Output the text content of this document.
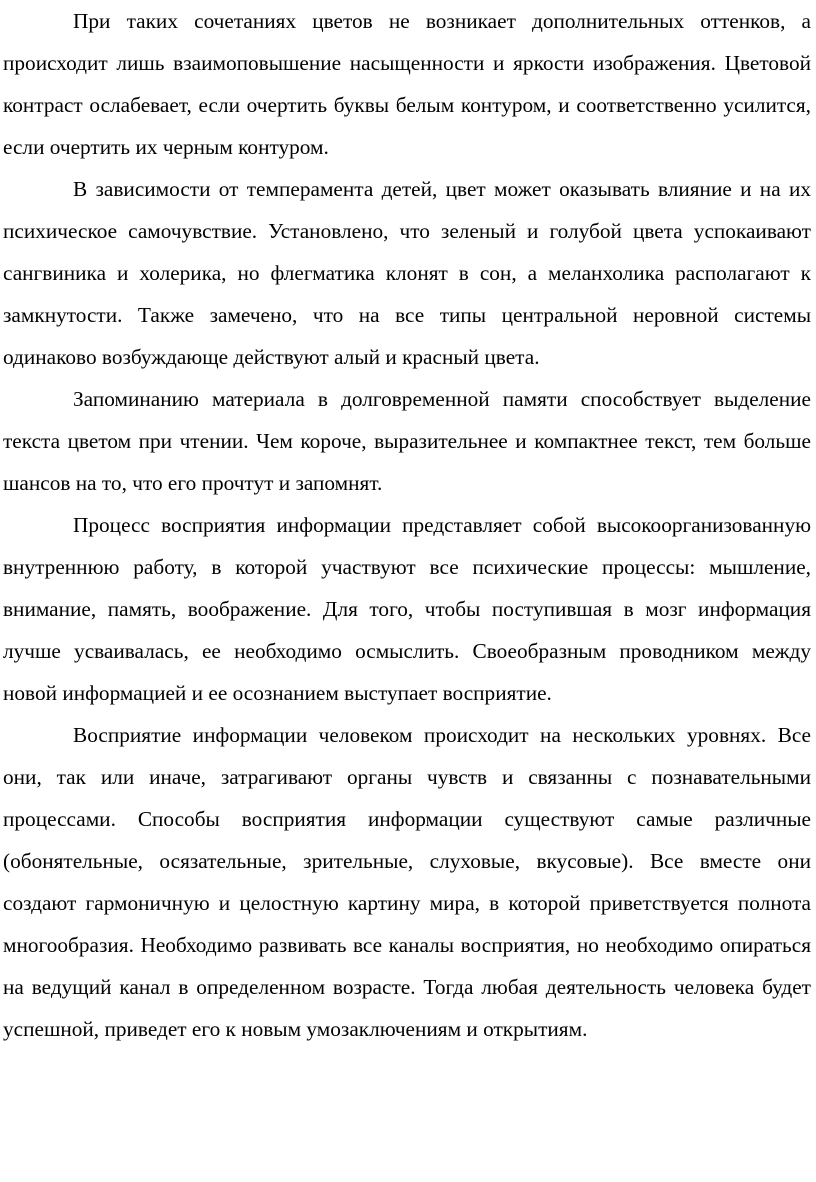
При таких сочетаниях цветов не возникает дополнительных оттенков, а происходит лишь взаимоповышение насыщенности и яркости изображения. Цветовой контраст ослабевает, если очертить буквы белым контуром, и соответственно усилится, если очертить их черным контуром.

В зависимости от темперамента детей, цвет может оказывать влияние и на их психическое самочувствие. Установлено, что зеленый и голубой цвета успокаивают сангвиника и холерика, но флегматика клонят в сон, а меланхолика располагают к замкнутости. Также замечено, что на все типы центральной неровной системы одинаково возбуждающе действуют алый и красный цвета.

Запоминанию материала в долговременной памяти способствует выделение текста цветом при чтении. Чем короче, выразительнее и компактнее текст, тем больше шансов на то, что его прочтут и запомнят.

Процесс восприятия информации представляет собой высокоорганизованную внутреннюю работу, в которой участвуют все психические процессы: мышление, внимание, память, воображение. Для того, чтобы поступившая в мозг информация лучше усваивалась, ее необходимо осмыслить. Своеобразным проводником между новой информацией и ее осознанием выступает восприятие.

Восприятие информации человеком происходит на нескольких уровнях. Все они, так или иначе, затрагивают органы чувств и связанны с познавательными процессами. Способы восприятия информации существуют самые различные (обонятельные, осязательные, зрительные, слуховые, вкусовые). Все вместе они создают гармоничную и целостную картину мира, в которой приветствуется полнота многообразия. Необходимо развивать все каналы восприятия, но необходимо опираться на ведущий канал в определенном возрасте. Тогда любая деятельность человека будет успешной, приведет его к новым умозаключениям и открытиям.
